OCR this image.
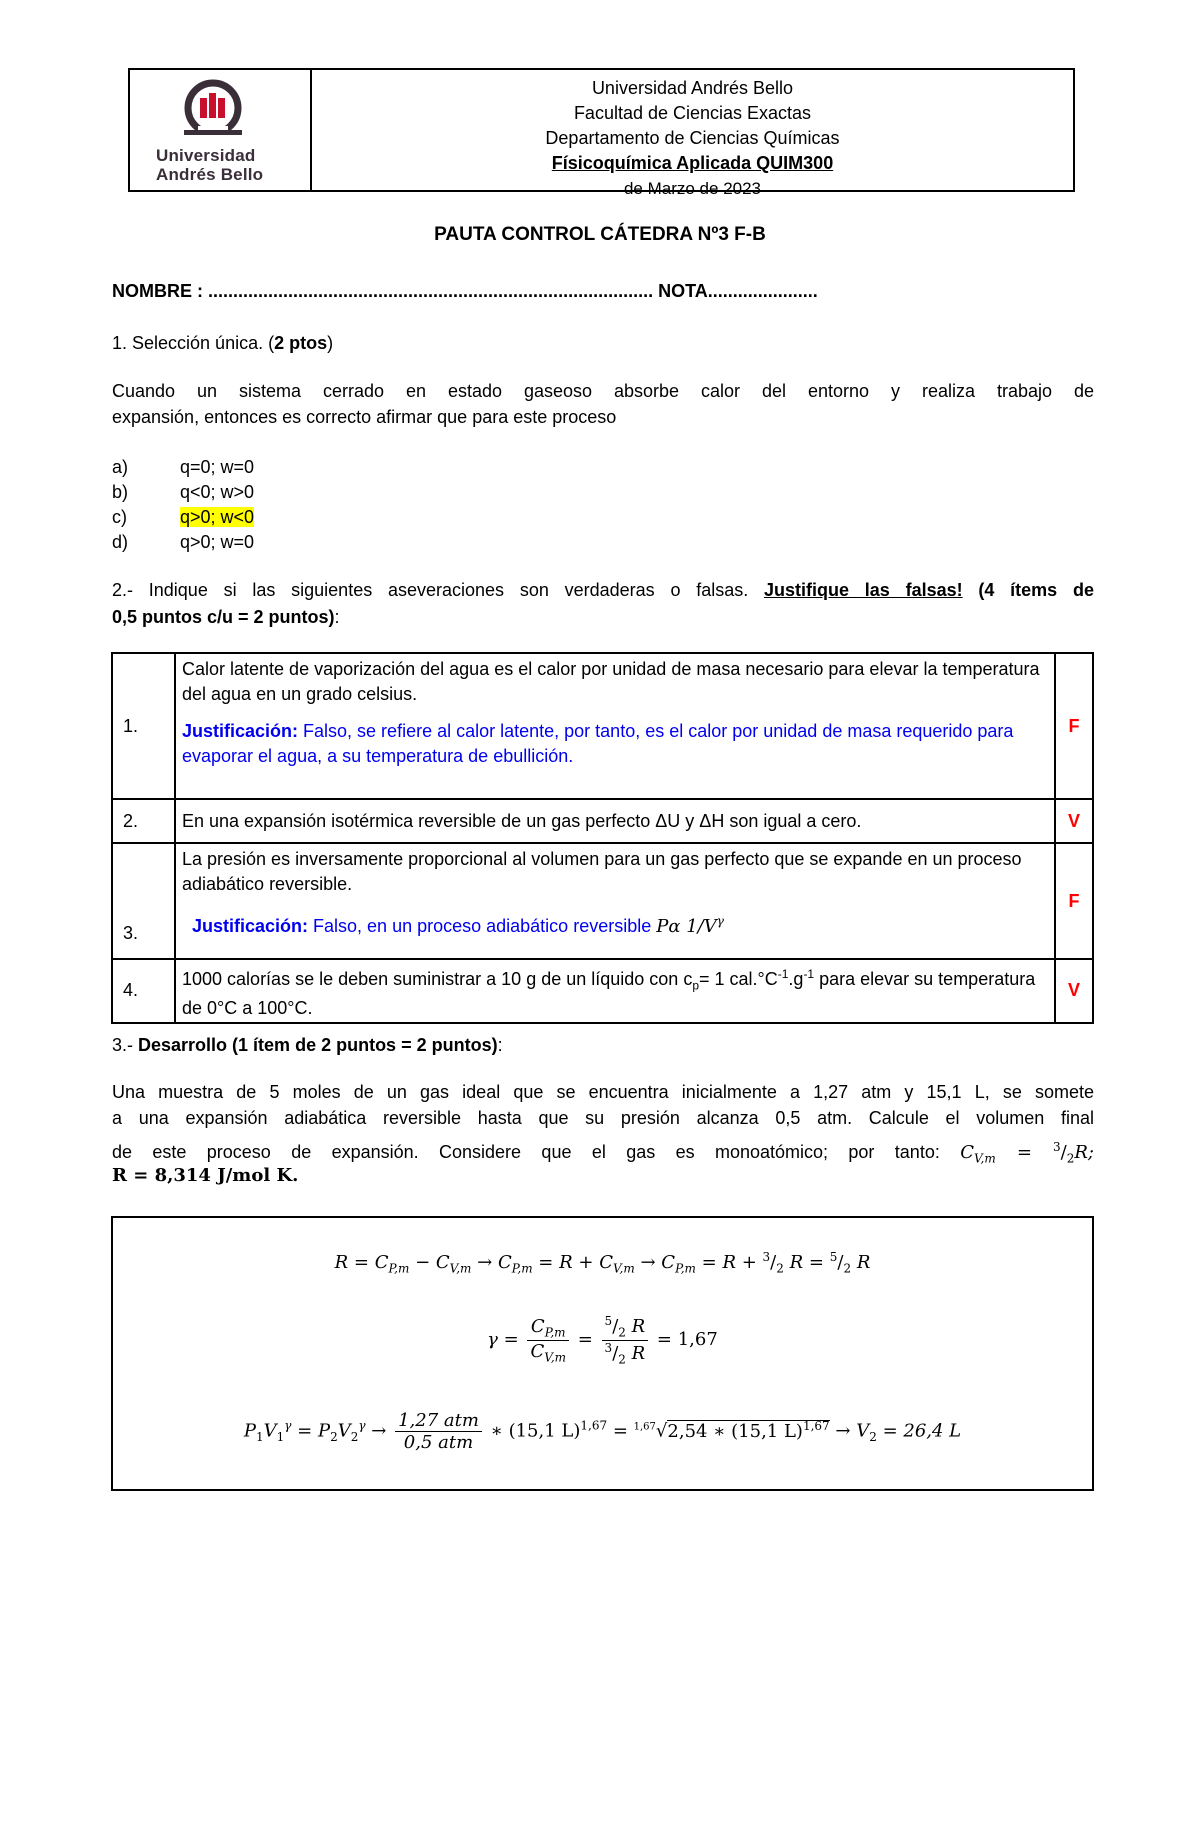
Universidad
Andrés Bello
Universidad Andrés Bello
Facultad de Ciencias Exactas
Departamento de Ciencias Químicas
Físicoquímica Aplicada QUIM300
de Marzo de 2023
PAUTA CONTROL CÁTEDRA Nº3 F-B
NOMBRE : ......................................................................................... NOTA......................
1. Selección única. (2 ptos)
Cuando un sistema cerrado en estado gaseoso absorbe calor del entorno y realiza trabajo de
expansión, entonces es correcto afirmar que para este proceso
a)	q=0; w=0
b)	q<0; w>0
c)	q>0; w<0
d)	q>0; w=0
2.- Indique si las siguientes aseveraciones son verdaderas o falsas. Justifique las falsas! (4 ítems de
0,5 puntos c/u = 2 puntos):
1.	Calor latente de vaporización del agua es el calor por unidad de masa necesario para elevar la temperatura del agua en un grado celsius.
Justificación: Falso, se refiere al calor latente, por tanto, es el calor por unidad de masa requerido para evaporar el agua, a su temperatura de ebullición.	F
2.	En una expansión isotérmica reversible de un gas perfecto ΔU y ΔH son igual a cero.	V
3.	La presión es inversamente proporcional al volumen para un gas perfecto que se expande en un proceso adiabático reversible.
Justificación: Falso, en un proceso adiabático reversible Pα $1/V^\gamma$	F
4.	1000 calorías se le deben suministrar a 10 g de un líquido con $c_p= 1$ $cal.^\circ C^{-1}.g^{-1}$ para elevar su temperatura de 0°C a 100°C.	V
3.- Desarrollo (1 ítem de 2 puntos = 2 puntos):
Una muestra de 5 moles de un gas ideal que se encuentra inicialmente a 1,27 atm y 15,1 L, se somete
a una expansión adiabática reversible hasta que su presión alcanza 0,5 atm. Calcule el volumen final
de este proceso de expansión. Considere que el gas es monoatómico; por tanto: $C_{V,m} = ^3/_2R$;
R = 8,314 J/mol K.
$R = C_{P,m} - C_{V,m} \to C_{P,m} = R + C_{V,m} \to C_{P,m} = R + ^3/_2$ $R = ^5/_2$ R
$\gamma = \frac{C_{P,m}}{C_{V,m}} = \frac{^5/_2 R}{^3/_2 R} = 1,67$
$P_1V_1^\gamma = P_2V_2^\gamma \to \frac{\text{1,27 atm}}{\text{0,5 atm}}$ ∗ (15,1 L)$^{1,67}$ = $^{1,67}$√2,54 ∗ (15,1 $L)^{1,67} \to V_2 = 26,4$ L
